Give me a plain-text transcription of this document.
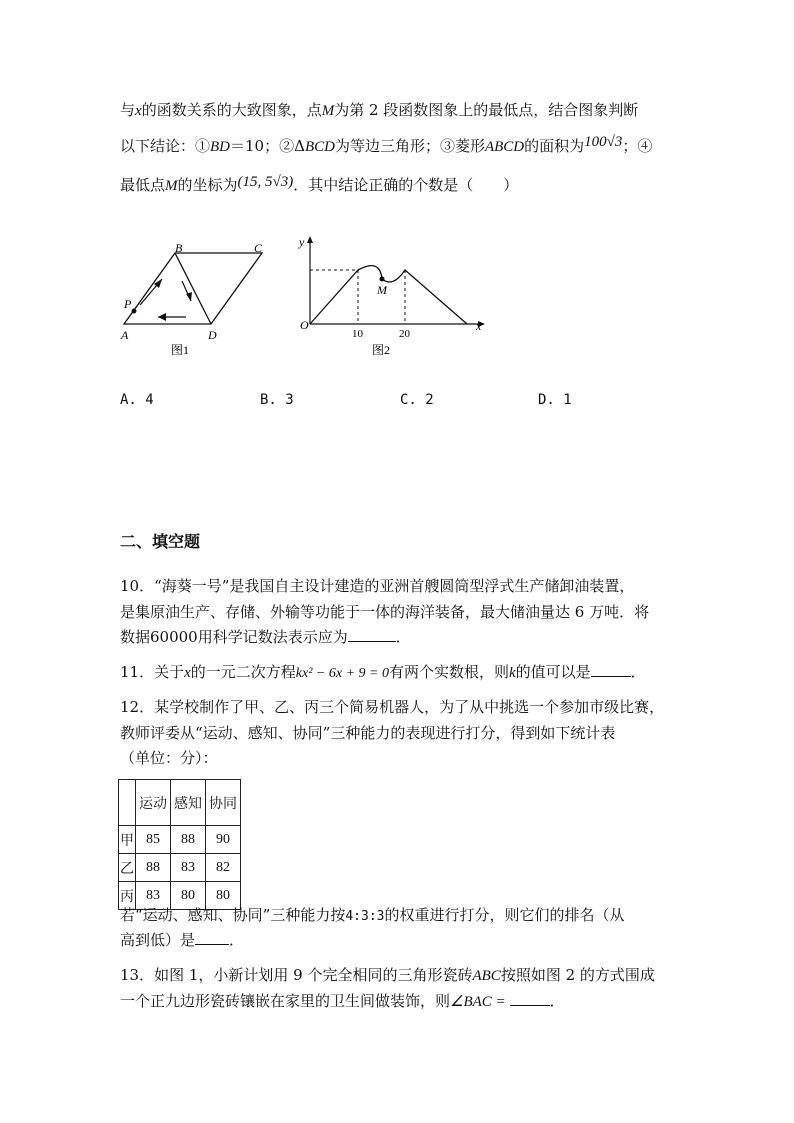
与x的函数关系的大致图象，点M为第 2 段函数图象上的最低点，结合图象判断
以下结论：①BD＝10；②ΔBCD为等边三角形；③菱形ABCD的面积为100√3；④
最低点M的坐标为(15, 5√3)．其中结论正确的个数是（　　）
B	C
A	D
P
图1
M
y
x
O
10	20
图2
A. 4	B. 3	C. 2	D. 1
二、填空题
10．“海葵一号”是我国自主设计建造的亚洲首艘圆筒型浮式生产储卸油装置，
是集原油生产、存储、外输等功能于一体的海洋装备，最大储油量达 6 万吨．将
数据60000用科学记数法表示应为	．
11．关于x的一元二次方程kx² − 6x + 9 = 0有两个实数根，则k的值可以是	．
12．某学校制作了甲、乙、丙三个简易机器人，为了从中挑选一个参加市级比赛，
教师评委从“运动、感知、协同”三种能力的表现进行打分，得到如下统计表
（单位：分）：
	运动	感知	协同
甲	85	88	90
乙	88	83	82
丙	83	80	80
若“运动、感知、协同”三种能力按4:3:3的权重进行打分，则它们的排名（从
高到低）是 ．
13．如图 1，小新计划用 9 个完全相同的三角形瓷砖ABC按照如图 2 的方式围成
一个正九边形瓷砖镶嵌在家里的卫生间做装饰，则∠BAC =	．
